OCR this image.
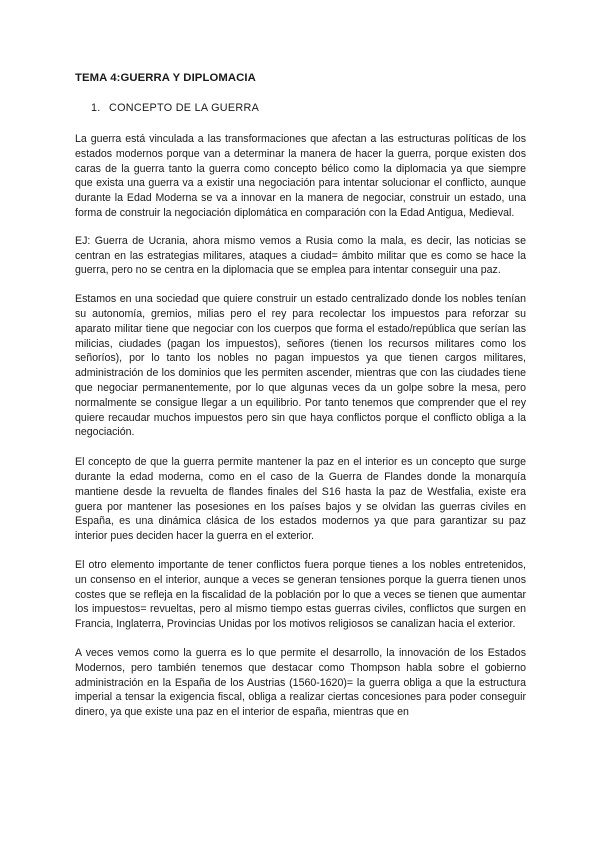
TEMA 4:GUERRA Y DIPLOMACIA
1. CONCEPTO DE LA GUERRA

La guerra está vinculada a las transformaciones que afectan a las estructuras políticas de los estados modernos porque van a determinar la manera de hacer la guerra, porque existen dos caras de la guerra tanto la guerra como concepto bélico como la diplomacia ya que siempre que exista una guerra va a existir una negociación para intentar solucionar el conflicto, aunque durante la Edad Moderna se va a innovar en la manera de negociar, construir un estado, una forma de construir la negociación diplomática en comparación con la Edad Antigua, Medieval.

EJ: Guerra de Ucrania, ahora mismo vemos a Rusia como la mala, es decir, las noticias se centran en las estrategias militares, ataques a ciudad= ámbito militar que es como se hace la guerra, pero no se centra en la diplomacia que se emplea para intentar conseguir una paz.

Estamos en una sociedad que quiere construir un estado centralizado donde los nobles tenían su autonomía, gremios, milias pero el rey para recolectar los impuestos para reforzar su aparato militar tiene que negociar con los cuerpos que forma el estado/república que serían las milicias, ciudades (pagan los impuestos), señores (tienen los recursos militares como los señoríos), por lo tanto los nobles no pagan impuestos ya que tienen cargos militares, administración de los dominios que les permiten ascender, mientras que con las ciudades tiene que negociar permanentemente, por lo que algunas veces da un golpe sobre la mesa, pero normalmente se consigue llegar a un equilibrio. Por tanto tenemos que comprender que el rey quiere recaudar muchos impuestos pero sin que haya conflictos porque el conflicto obliga a la negociación.

El concepto de que la guerra permite mantener la paz en el interior es un concepto que surge durante la edad moderna, como en el caso de la Guerra de Flandes donde la monarquía mantiene desde la revuelta de flandes finales del S16 hasta la paz de Westfalia, existe era guera por mantener las posesiones en los países bajos y se olvidan las guerras civiles en España, es una dinámica clásica de los estados modernos ya que para garantizar su paz interior pues deciden hacer la guerra en el exterior.

El otro elemento importante de tener conflictos fuera porque tienes a los nobles entretenidos, un consenso en el interior, aunque a veces se generan tensiones porque la guerra tienen unos costes que se refleja en la fiscalidad de la población por lo que a veces se tienen que aumentar los impuestos= revueltas, pero al mismo tiempo estas guerras civiles, conflictos que surgen en Francia, Inglaterra, Provincias Unidas por los motivos religiosos se canalizan hacia el exterior.

A veces vemos como la guerra es lo que permite el desarrollo, la innovación de los Estados Modernos, pero también tenemos que destacar como Thompson habla sobre el gobierno administración en la España de los Austrias (1560-1620)= la guerra obliga a que la estructura imperial a tensar la exigencia fiscal, obliga a realizar ciertas concesiones para poder conseguir dinero, ya que existe una paz en el interior de españa, mientras que en
